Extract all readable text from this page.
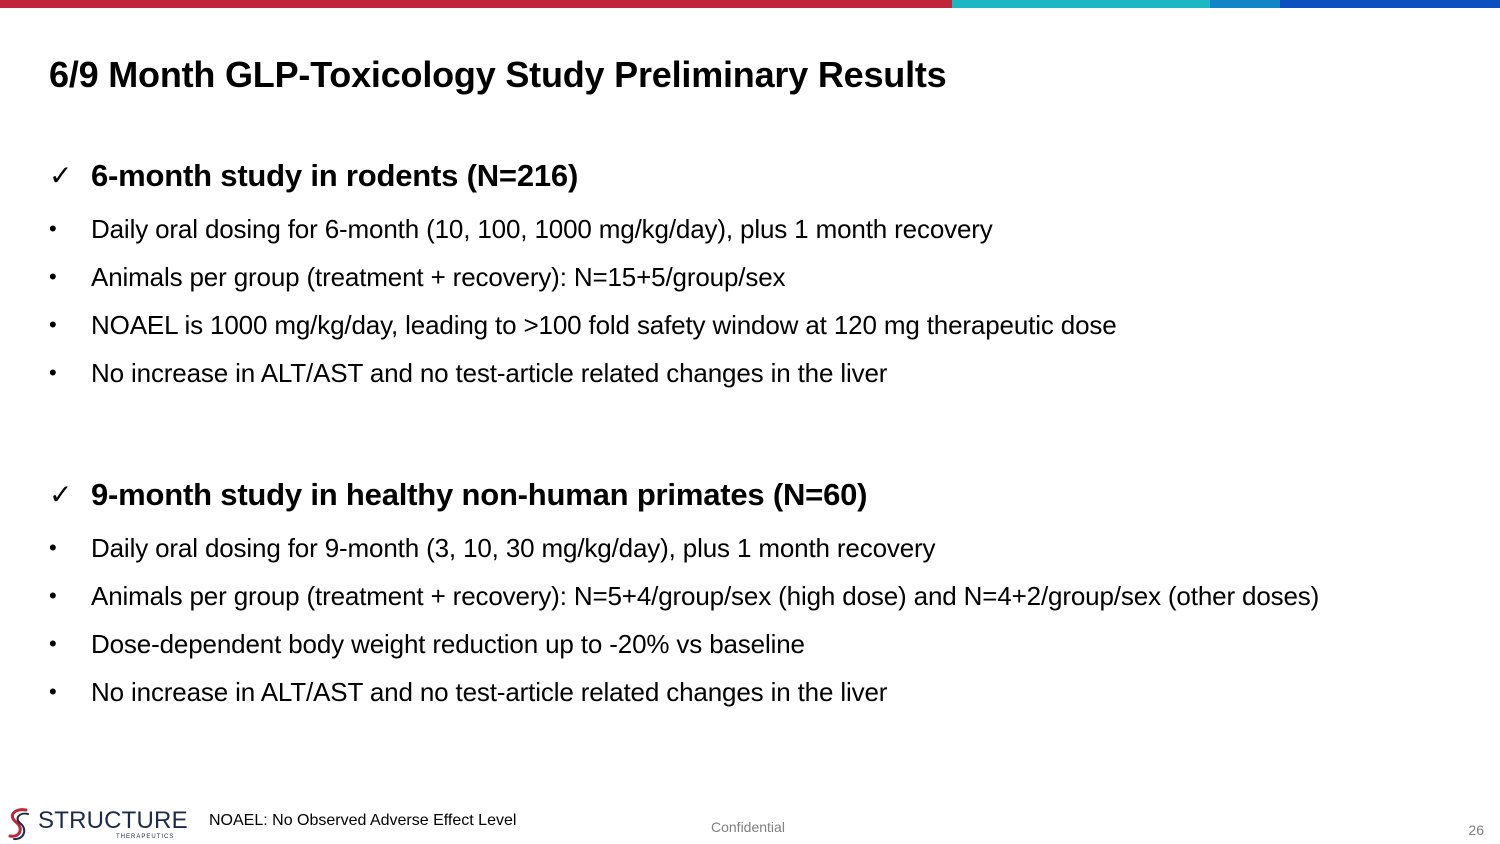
6/9 Month GLP-Toxicology Study Preliminary Results
✓ 6-month study in rodents (N=216)
•	Daily oral dosing for 6-month (10, 100, 1000 mg/kg/day), plus 1 month recovery
•	Animals per group (treatment + recovery): N=15+5/group/sex
•	NOAEL is 1000 mg/kg/day, leading to >100 fold safety window at 120 mg therapeutic dose
•	No increase in ALT/AST and no test-article related changes in the liver
✓ 9-month study in healthy non-human primates (N=60)
•	Daily oral dosing for 9-month (3, 10, 30 mg/kg/day), plus 1 month recovery
•	Animals per group (treatment + recovery): N=5+4/group/sex (high dose) and N=4+2/group/sex (other doses)
•	Dose-dependent body weight reduction up to -20% vs baseline
•	No increase in ALT/AST and no test-article related changes in the liver
STRUCTURE
THERAPEUTICS
NOAEL: No Observed Adverse Effect Level	Confidential	26
